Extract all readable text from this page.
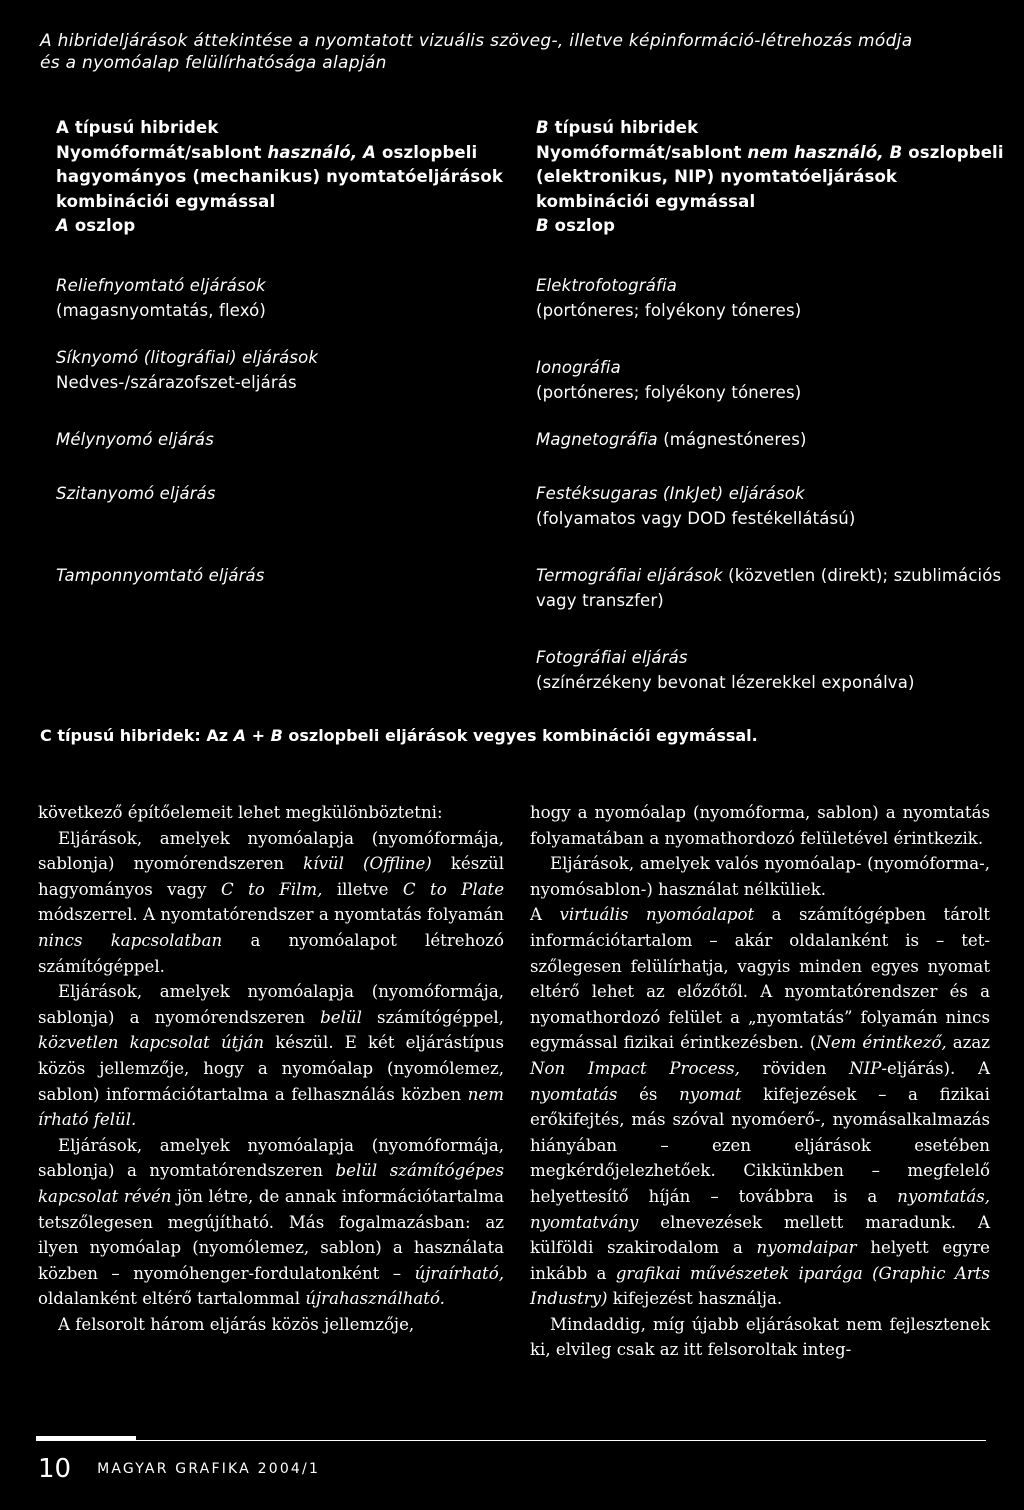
A hibrideljárások áttekintése a nyomtatott vizuális szöveg-, illetve képinformáció-létrehozás módja
és a nyomóalap felülírhatósága alapján
A típusú hibridek
Nyomóformát/sablont használó, A oszlopbeli
hagyományos (mechanikus) nyomtatóeljárások
kombinációi egymással
A oszlop
Reliefnyomtató eljárások
(magasnyomtatás, flexó)
Síknyomó (litográfiai) eljárások
Nedves-/szárazofszet-eljárás
Mélynyomó eljárás
Szitanyomó eljárás
Tamponnyomtató eljárás
B típusú hibridek
Nyomóformát/sablont nem használó, B oszlopbeli
(elektronikus, NIP) nyomtatóeljárások
kombinációi egymással
B oszlop
Elektrofotográfia
(portóneres; folyékony tóneres)
Ionográfia
(portóneres; folyékony tóneres)
Magnetográfia (mágnestóneres)
Festéksugaras (InkJet) eljárások
(folyamatos vagy DOD festékellátású)
Termográfiai eljárások (közvetlen (direkt); szublimációs
vagy transzfer)
Fotográfiai eljárás
(színérzékeny bevonat lézerekkel exponálva)
C típusú hibridek: Az A + B oszlopbeli eljárások vegyes kombinációi egymással.

következő építőelemeit lehet megkülönböztetni:

Eljárások, amelyek nyomóalapja (nyomóformája, sablonja) nyomórendszeren kívül (Offline) készül hagyományos vagy C to Film, illetve C to Plate módszerrel. A nyomtatórendszer a nyomtatás folyamán nincs kapcsolatban a nyomóalapot létrehozó számítógéppel.

Eljárások, amelyek nyomóalapja (nyomóformája, sablonja) a nyomórendszeren belül számítógéppel, közvetlen kapcsolat útján készül. E két eljárástípus közös jellemzője, hogy a nyomóalap (nyomólemez, sablon) információtartalma a felhasználás közben nem írható felül.

Eljárások, amelyek nyomóalapja (nyomóformája, sablonja) a nyomtatórendszeren belül számítógépes kapcsolat révén jön létre, de annak információtartalma tetszőlegesen megújítható. Más fogalmazásban: az ilyen nyomóalap (nyomólemez, sablon) a használata közben – nyomóhenger-fordulatonként – újraírható, oldalanként eltérő tartalommal újrahasználható.

A felsorolt három eljárás közös jellemzője,

hogy a nyomóalap (nyomóforma, sablon) a nyomtatás folyamatában a nyomathordozó felületével érintkezik.

Eljárások, amelyek valós nyomóalap- (nyomóforma-, nyomósablon-) használat nélküliek.

A virtuális nyomóalapot a számítógépben tárolt információtartalom – akár oldalanként is – tetszőlegesen felülírhatja, vagyis minden egyes nyomat eltérő lehet az előzőtől. A nyomtatórendszer és a nyomathordozó felület a „nyomtatás” folyamán nincs egymással fizikai érintkezésben. (Nem érintkező, azaz Non Impact Process, röviden NIP-eljárás). A nyomtatás és nyomat kifejezések – a fizikai erőkifejtés, más szóval nyomóerő-, nyomásalkalmazás hiányában – ezen eljárások esetében megkérdőjelezhetőek. Cikkünkben – megfelelő helyettesítő híján – továbbra is a nyomtatás, nyomtatvány elnevezések mellett maradunk. A külföldi szakirodalom a nyomdaipar helyett egyre inkább a grafikai művészetek iparága (Graphic Arts Industry) kifejezést használja.

Mindaddig, míg újabb eljárásokat nem fejlesztenek ki, elvileg csak az itt felsoroltak integ-

10 MAGYAR GRAFIKA 2004/1
